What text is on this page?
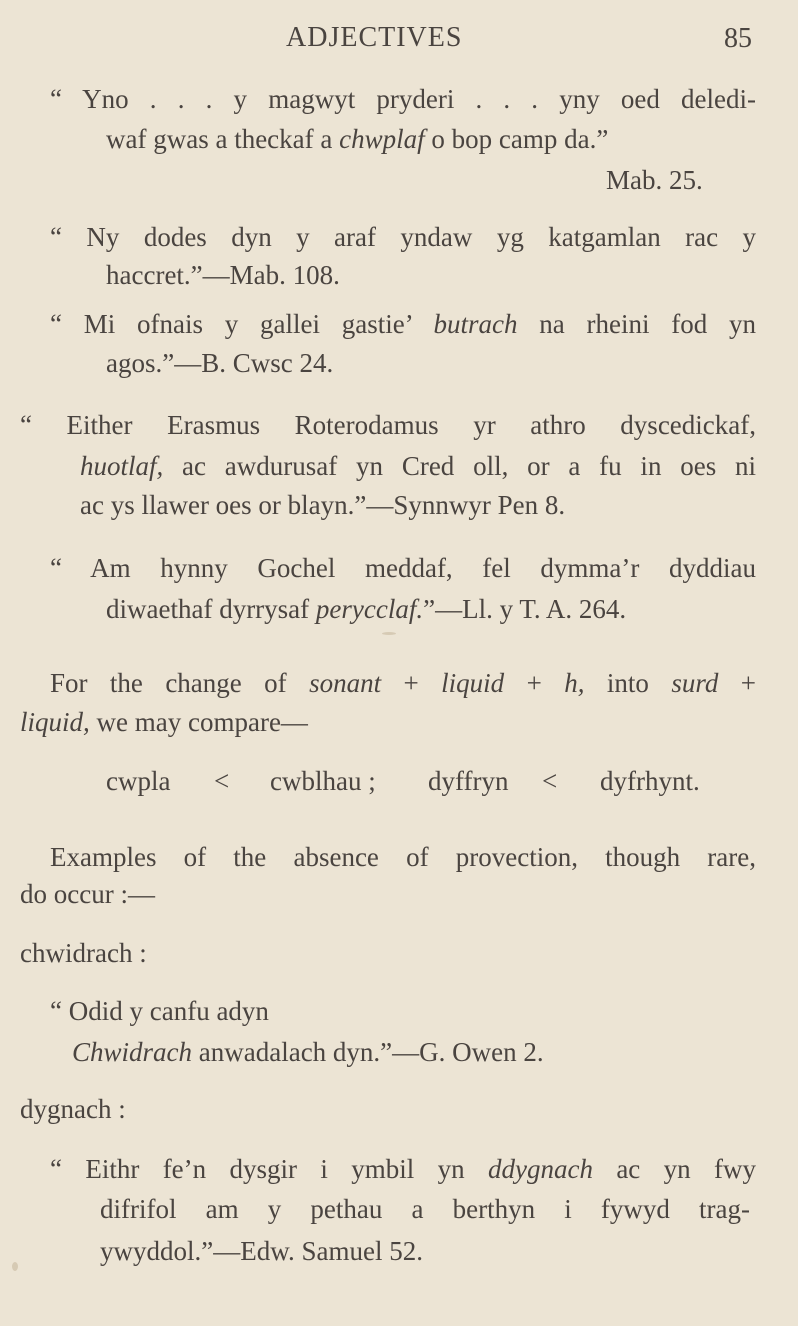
ADJECTIVES	85
“ Yno . . . y magwyt pryderi . . . yny oed deledi-
waf gwas a theckaf a chwplaf o bop camp da.”
Mab. 25.
“ Ny dodes dyn y araf yndaw yg katgamlan rac y
haccret.”—Mab. 108.
“ Mi ofnais y gallei gastie’ butrach na rheini fod yn
agos.”—B. Cwsc 24.
“ Either Erasmus Roterodamus yr athro dyscedickaf,
huotlaf, ac awdurusaf yn Cred oll, or a fu in oes ni
ac ys llawer oes or blayn.”—Synnwyr Pen 8.
“ Am hynny Gochel meddaf, fel dymma’r dyddiau
diwaethaf dyrrysaf perycclaf.”—Ll. y T. A. 264.
For the change of sonant + liquid + h, into surd +
liquid, we may compare—
cwpla < cwblhau ; dyffryn < dyfrhynt.
Examples of the absence of provection, though rare,
do occur :—
chwidrach :
“ Odid y canfu adyn
Chwidrach anwadalach dyn.”—G. Owen 2.
dygnach :
“ Eithr fe’n dysgir i ymbil yn ddygnach ac yn fwy
difrifol am y pethau a berthyn i fywyd trag-
ywyddol.”—Edw. Samuel 52.
